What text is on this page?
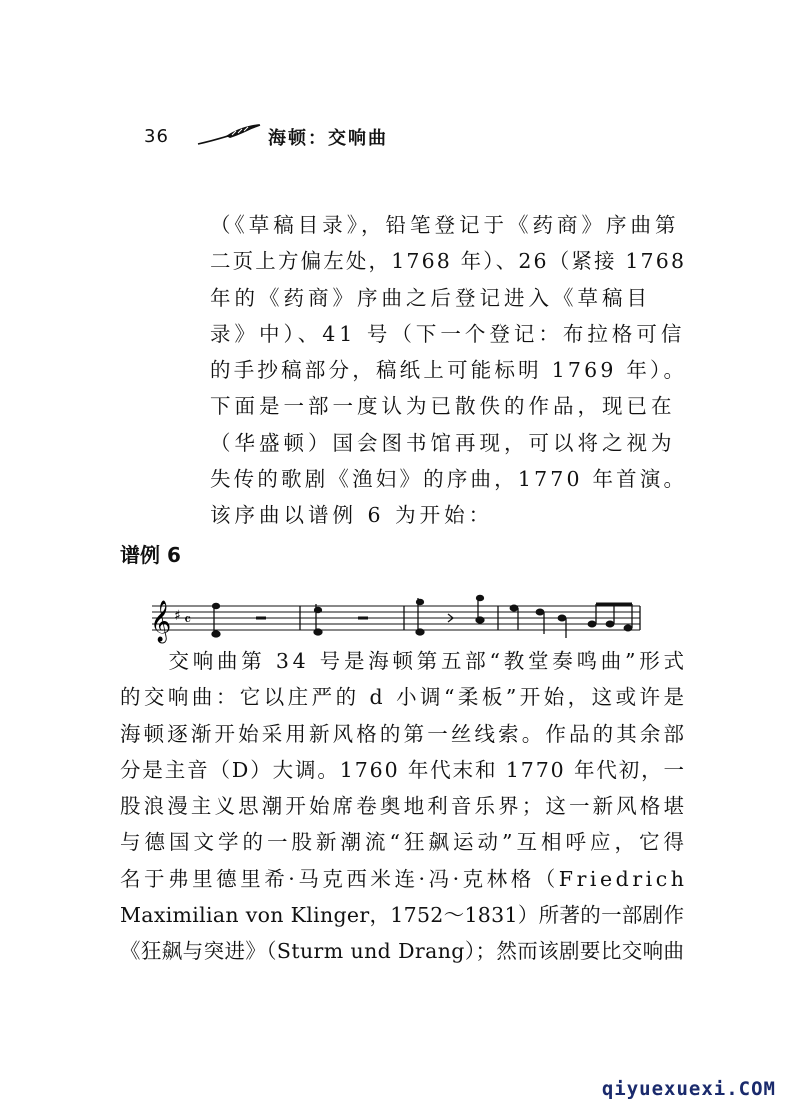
36	海顿：交响曲
（《草稿目录》，铅笔登记于《药商》序曲第
二页上方偏左处，1768 年）、26（紧接 1768
年的《药商》序曲之后登记进入《草稿目
录》中）、41 号（下一个登记：布拉格可信
的手抄稿部分，稿纸上可能标明 1769 年）。
下面是一部一度认为已散佚的作品，现已在
（华盛顿）国会图书馆再现，可以将之视为
失传的歌剧《渔妇》的序曲，1770 年首演。
该序曲以谱例 6 为开始：
谱例 6
𝄞 ♯ 𝄴
　　交响曲第 34 号是海顿第五部“教堂奏鸣曲”形式
的交响曲：它以庄严的 d 小调“柔板”开始，这或许是
海顿逐渐开始采用新风格的第一丝线索。作品的其余部
分是主音（D）大调。1760 年代末和 1770 年代初，一
股浪漫主义思潮开始席卷奥地利音乐界；这一新风格堪
与德国文学的一股新潮流“狂飙运动”互相呼应，它得
名于弗里德里希·马克西米连·冯·克林格（Friedrich
Maximilian von Klinger，1752～1831）所著的一部剧作
《狂飙与突进》（Sturm und Drang）；然而该剧要比交响曲
qiyuexuexi.COM
